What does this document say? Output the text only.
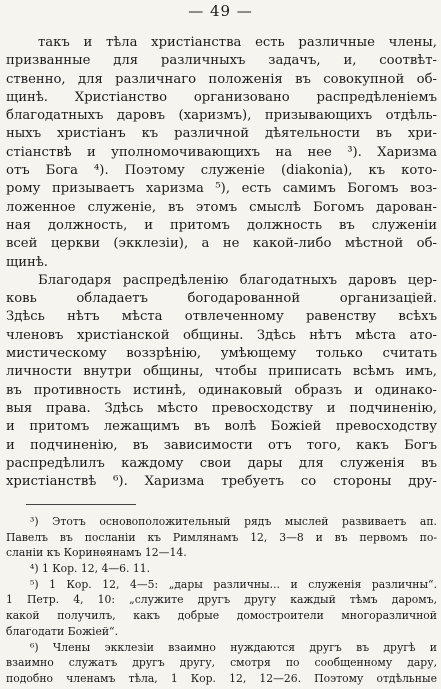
— 49 —
такъ и тѣла христіанства есть различные члены,
призванные для различныхъ задачъ, и, соотвѣт-
ственно, для различнаго положенія въ совокупной об-
щинѣ. Христіанство организовано распредѣленіемъ
благодатныхъ даровъ (харизмъ), призывающихъ отдѣль-
ныхъ христіанъ къ различной дѣятельности въ хри-
стіанствѣ и уполномочивающихъ на нее ³). Харизма
отъ Бога ⁴). Поэтому служеніе (diakonia), къ кото-
рому призываетъ харизма ⁵), есть самимъ Богомъ воз-
ложенное служеніе, въ этомъ смыслѣ Богомъ дарован-
ная должность, и притомъ должность въ служеніи
всей церкви (экклезіи), а не какой-либо мѣстной об-
щинѣ.
Благодаря распредѣленію благодатныхъ даровъ цер-
ковь обладаетъ богодарованной организаціей.
Здѣсь нѣтъ мѣста отвлеченному равенству всѣхъ
членовъ христіанской общины. Здѣсь нѣтъ мѣста ато-
мистическому воззрѣнію, умѣющему только считать
личности внутри общины, чтобы приписать всѣмъ имъ,
въ противность истинѣ, одинаковый образъ и одинако-
выя права. Здѣсь мѣсто превосходству и подчиненію,
и притомъ лежащимъ въ волѣ Божіей превосходству
и подчиненію, въ зависимости отъ того, какъ Богъ
распредѣлилъ каждому свои дары для служенія въ
христіанствѣ ⁶). Харизма требуетъ со стороны дру-
³) Этотъ основоположительный рядъ мыслей развиваетъ ап.
Павелъ въ посланіи къ Римлянамъ 12, 3—8 и въ первомъ по-
сланіи къ Коринѳянамъ 12—14.
⁴) 1 Кор. 12, 4—6. 11.
⁵) 1 Кор. 12, 4—5: „дары различны... и служенія различны“.
1 Петр. 4, 10: „служите другъ другу каждый тѣмъ даромъ,
какой получилъ, какъ добрые домостроители многоразличной
благодати Божіей“.
⁶) Члены экклезіи взаимно нуждаются другъ въ другѣ и
взаимно служатъ другъ другу, смотря по сообщенному дару,
подобно членамъ тѣла, 1 Кор. 12, 12—26. Поэтому отдѣльные
